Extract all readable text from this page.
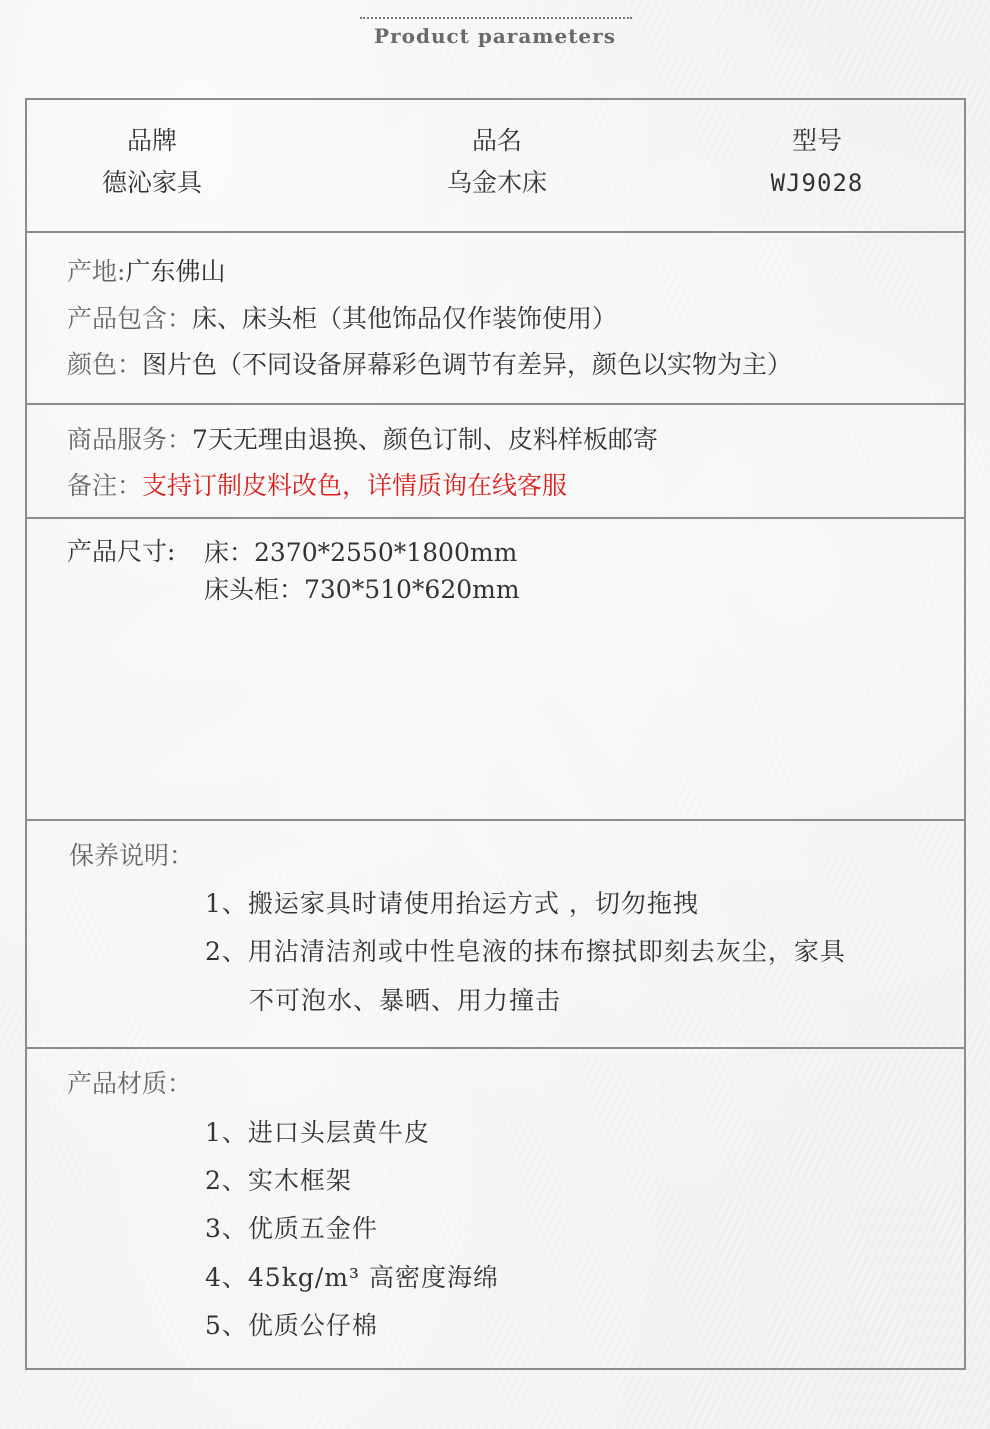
Product parameters
品牌
德沁家具
品名
乌金木床
型号
WJ9028
产地:广东佛山
产品包含：床、床头柜（其他饰品仅作装饰使用）
颜色：图片色（不同设备屏幕彩色调节有差异，颜色以实物为主）
商品服务：7天无理由退换、颜色订制、皮料样板邮寄
备注：支持订制皮料改色，详情质询在线客服
产品尺寸: 床：2370*2550*1800mm
床头柜：730*510*620mm
保养说明：
1、搬运家具时请使用抬运方式 ，切勿拖拽
2、用沾清洁剂或中性皂液的抹布擦拭即刻去灰尘，家具
不可泡水、暴晒、用力撞击
产品材质：
1、进口头层黄牛皮
2、实木框架
3、优质五金件
4、45kg/m³ 高密度海绵
5、优质公仔棉
